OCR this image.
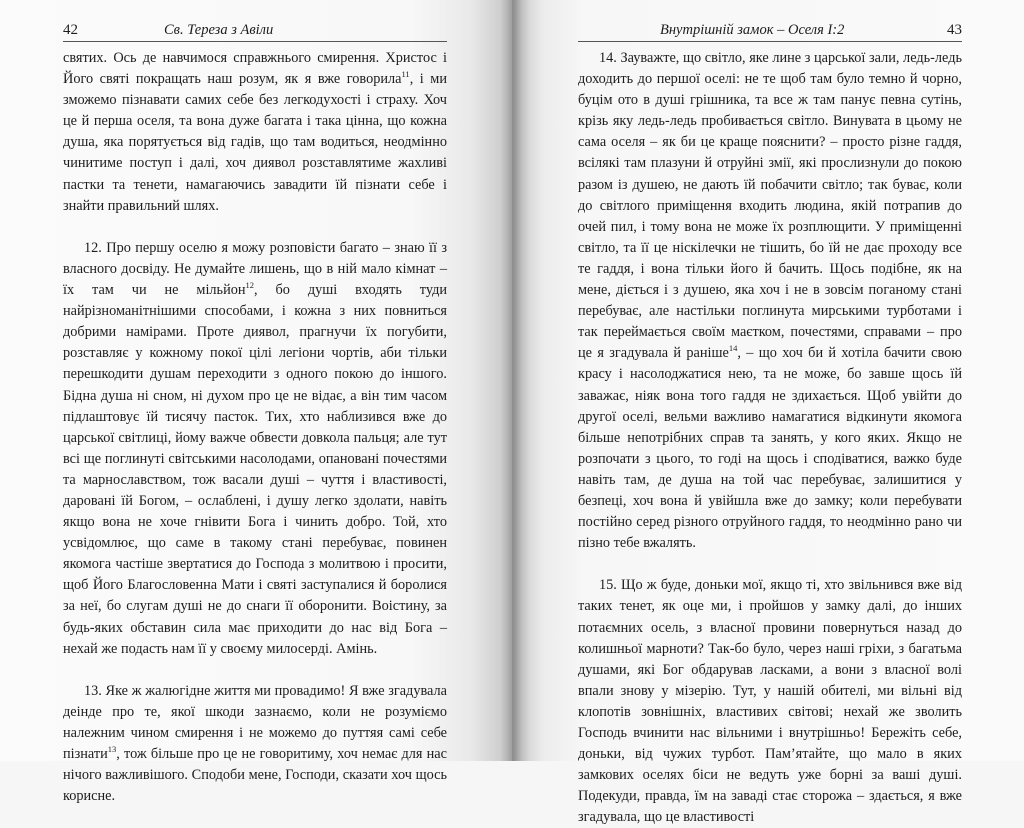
42	Св. Тереза з Авіли

святих. Ось де навчимося справжнього смирення. Христос і Його святі покращать наш розум, як я вже говорила$^{11}$, і ми зможемо пізнавати самих себе без легкодухості і страху. Хоч це й перша оселя, та вона дуже багата і така цінна, що кожна душа, яка порятується від гадів, що там водиться, неодмінно чинитиме поступ і далі, хоч диявол розставлятиме жахливі пастки та тенети, намагаючись завадити їй пізнати себе і знайти правильний шлях.

12. Про першу оселю я можу розповісти багато – знаю її з власного досвіду. Не думайте лишень, що в ній мало кімнат – їх там чи не мільйон$^{12}$, бо душі входять туди найрізноманітнішими способами, і кожна з них повниться добрими намірами. Проте диявол, прагнучи їх погубити, розставляє у кожному покої цілі легіони чортів, аби тільки перешкодити душам переходити з одного покою до іншого. Бідна душа ні сном, ні духом про це не відає, а він тим часом підлаштовує їй тисячу пасток. Тих, хто наблизився вже до царської світлиці, йому важче обвести довкола пальця; але тут всі ще поглинуті світськими насолодами, опановані почестями та марнославством, тож васали душі – чуття і властивості, даровані їй Богом, – ослаблені, і душу легко здолати, навіть якщо вона не хоче гнівити Бога і чинить добро. Той, хто усвідомлює, що саме в такому стані перебуває, повинен якомога частіше звертатися до Господа з молитвою і просити, щоб Його Благословенна Мати і святі заступалися й боролися за неї, бо слугам душі не до снаги її оборонити. Воістину, за будь-яких обставин сила має приходити до нас від Бога – нехай же подасть нам її у своєму милосерді. Амінь.

13. Яке ж жалюгідне життя ми провадимо! Я вже згадувала деінде про те, якої шкоди зазнаємо, коли не розуміємо належним чином смирення і не можемо до путтяя самі себе пізнати$^{13}$, тож більше про це не говоритиму, хоч немає для нас нічого важливішого. Сподоби мене, Господи, сказати хоч щось корисне.

Внутрішній замок – Оселя І:2	43

14. Зауважте, що світло, яке лине з царської зали, ледь-ледь доходить до першої оселі: не те щоб там було темно й чорно, буцім ото в душі грішника, та все ж там панує певна сутінь, крізь яку ледь-ледь пробивається світло. Винувата в цьому не сама оселя – як би це краще пояснити? – просто різне гаддя, всілякі там плазуни й отруйні змії, які прослизнули до покою разом із душею, не дають їй побачити світло; так буває, коли до світлого приміщення входить людина, якій потрапив до очей пил, і тому вона не може їх розплющити. У приміщенні світло, та її це ніскілечки не тішить, бо їй не дає проходу все те гаддя, і вона тільки його й бачить. Щось подібне, як на мене, діється і з душею, яка хоч і не в зовсім поганому стані перебуває, але настільки поглинута мирськими турботами і так переймається своїм маєтком, почестями, справами – про це я згадувала й раніше$^{14}$, – що хоч би й хотіла бачити свою красу і насолоджатися нею, та не може, бо завше щось їй заважає, ніяк вона того гаддя не здихається. Щоб увійти до другої оселі, вельми важливо намагатися відкинути якомога більше непотрібних справ та занять, у кого яких. Якщо не розпочати з цього, то годі на щось і сподіватися, важко буде навіть там, де душа на той час перебуває, залишитися у безпеці, хоч вона й увійшла вже до замку; коли перебувати постійно серед різного отруйного гаддя, то неодмінно рано чи пізно тебе вжалять.

15. Що ж буде, доньки мої, якщо ті, хто звільнився вже від таких тенет, як оце ми, і пройшов у замку далі, до інших потаємних осель, з власної провини повернуться назад до колишньої марноти? Так-бо було, через наші гріхи, з багатьма душами, які Бог обдарував ласками, а вони з власної волі впали знову у мізерію. Тут, у нашій обителі, ми вільні від клопотів зовнішніх, властивих світові; нехай же зволить Господь вчинити нас вільними і внутрішньо! Бережіть себе, доньки, від чужих турбот. Пам’ятайте, що мало в яких замкових оселях біси не ведуть уже борні за ваші душі. Подекуди, правда, їм на заваді стає сторожа – здається, я вже згадувала, що це властивості
